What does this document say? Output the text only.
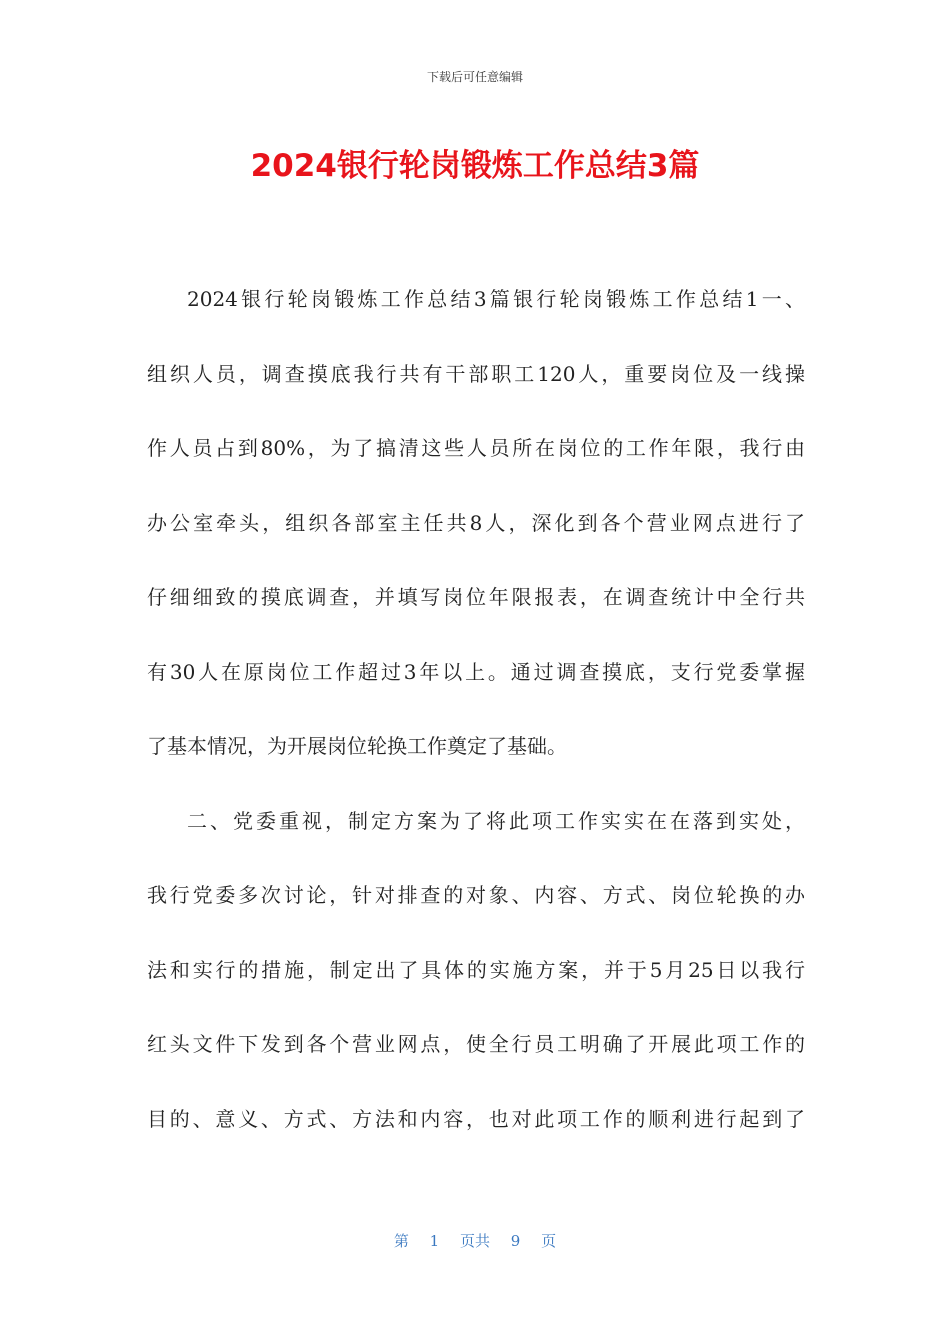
下载后可任意编辑
2024银行轮岗锻炼工作总结3篇
2024银行轮岗锻炼工作总结3篇银行轮岗锻炼工作总结1一、
组织人员，调查摸底我行共有干部职工120人，重要岗位及一线操
作人员占到80%，为了搞清这些人员所在岗位的工作年限，我行由
办公室牵头，组织各部室主任共8人，深化到各个营业网点进行了
仔细细致的摸底调查，并填写岗位年限报表，在调查统计中全行共
有30人在原岗位工作超过3年以上。通过调查摸底，支行党委掌握
了基本情况，为开展岗位轮换工作奠定了基础。
二、党委重视，制定方案为了将此项工作实实在在落到实处，
我行党委多次讨论，针对排查的对象、内容、方式、岗位轮换的办
法和实行的措施，制定出了具体的实施方案，并于5月25日以我行
红头文件下发到各个营业网点，使全行员工明确了开展此项工作的
目的、意义、方式、方法和内容，也对此项工作的顺利进行起到了
第 1 页共 9 页
